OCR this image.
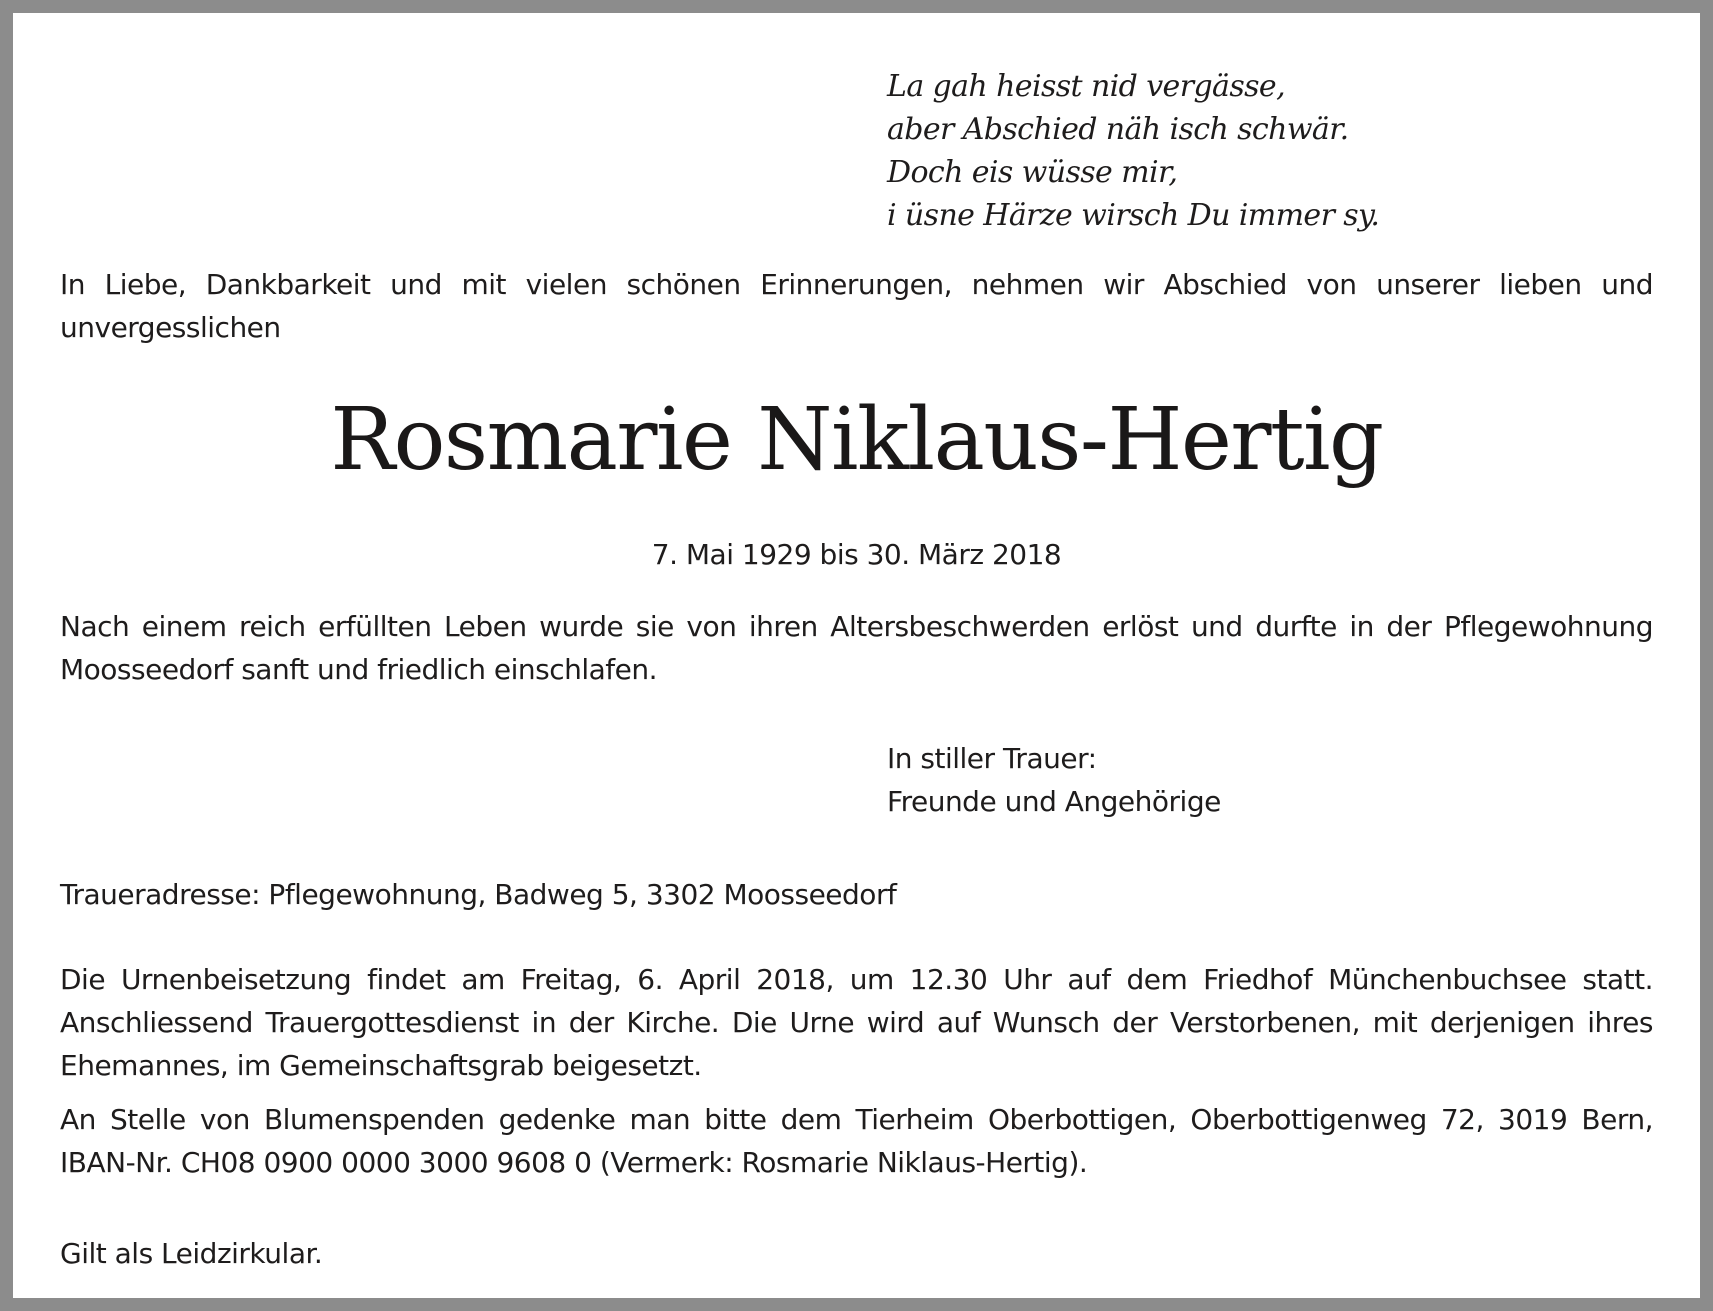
La gah heisst nid vergässe,
aber Abschied näh isch schwär.
Doch eis wüsse mir,
i üsne Härze wirsch Du immer sy.
In Liebe, Dankbarkeit und mit vielen schönen Erinnerungen, nehmen wir Abschied von unserer lieben und unvergesslichen
Rosmarie Niklaus-Hertig
7. Mai 1929 bis 30. März 2018
Nach einem reich erfüllten Leben wurde sie von ihren Altersbeschwerden erlöst und durfte in der Pflegewohnung Moosseedorf sanft und friedlich einschlafen.
In stiller Trauer:
Freunde und Angehörige
Traueradresse: Pflegewohnung, Badweg 5, 3302 Moosseedorf
Die Urnenbeisetzung findet am Freitag, 6. April 2018, um 12.30 Uhr auf dem Friedhof Münchenbuchsee statt. Anschliessend Trauergottesdienst in der Kirche. Die Urne wird auf Wunsch der Verstorbenen, mit derjenigen ihres Ehemannes, im Gemeinschaftsgrab beigesetzt.
An Stelle von Blumenspenden gedenke man bitte dem Tierheim Oberbottigen, Oberbottigenweg 72, 3019 Bern, IBAN-Nr. CH08 0900 0000 3000 9608 0 (Vermerk: Rosmarie Niklaus-Hertig).
Gilt als Leidzirkular.
